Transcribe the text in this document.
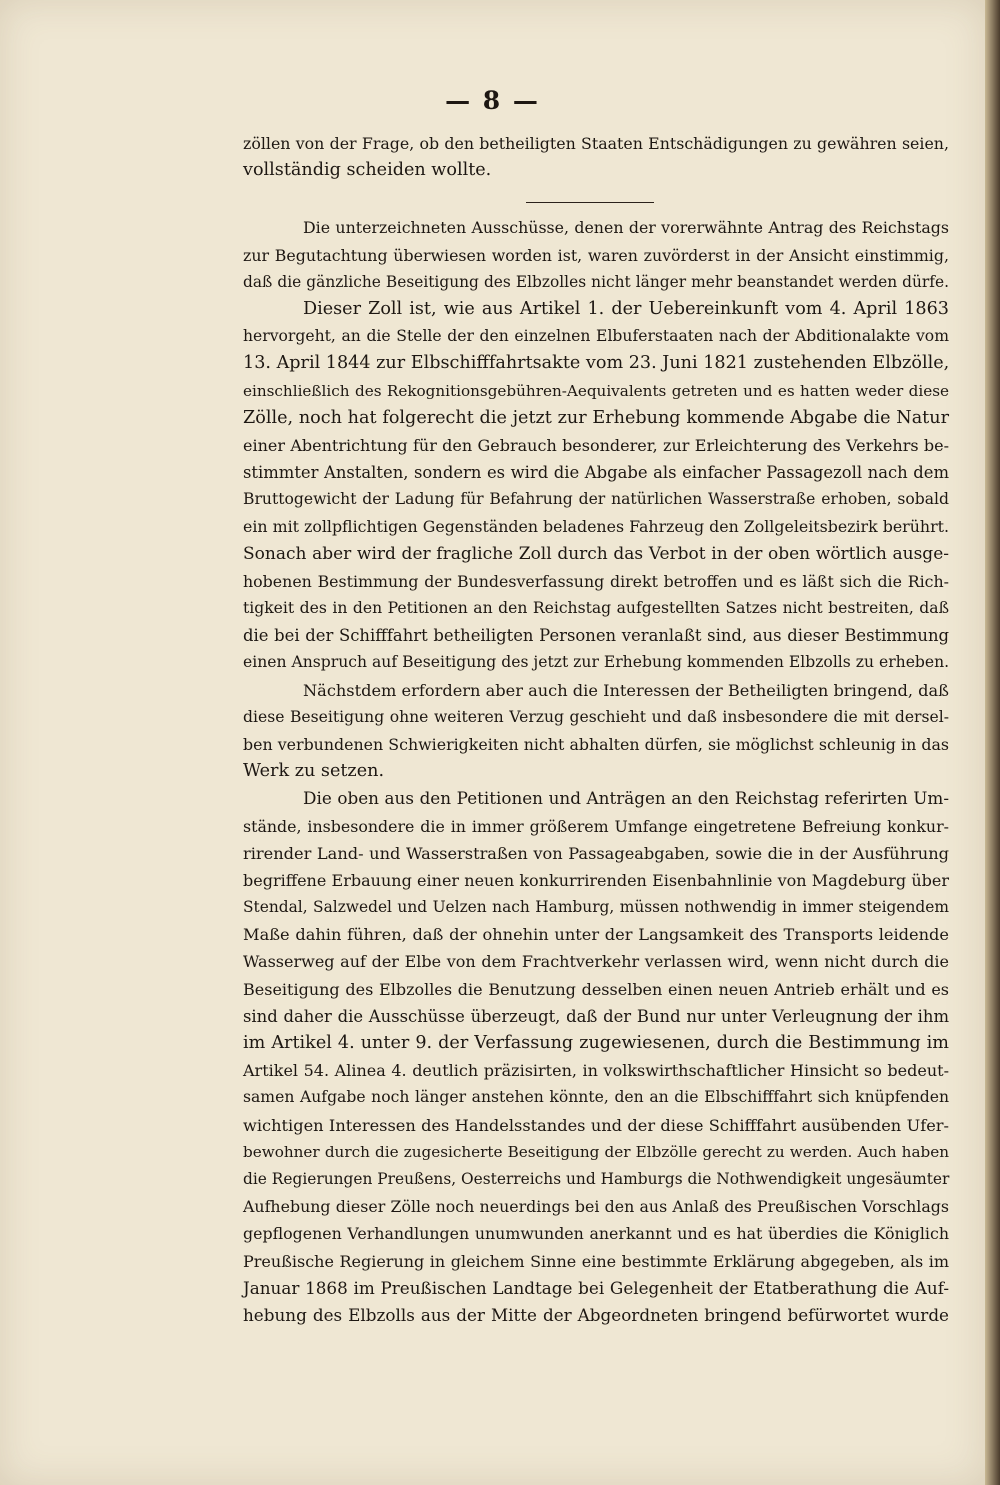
— 8 —
zöllen von der Frage, ob den betheiligten Staaten Entschädigungen zu gewähren seien,
vollständig scheiden wollte.
Die unterzeichneten Ausschüsse, denen der vorerwähnte Antrag des Reichstags
zur Begutachtung überwiesen worden ist, waren zuvörderst in der Ansicht einstimmig,
daß die gänzliche Beseitigung des Elbzolles nicht länger mehr beanstandet werden dürfe.
Dieser Zoll ist, wie aus Artikel 1. der Uebereinkunft vom 4. April 1863
hervorgeht, an die Stelle der den einzelnen Elbuferstaaten nach der Abditionalakte vom
13. April 1844 zur Elbschifffahrtsakte vom 23. Juni 1821 zustehenden Elbzölle,
einschließlich des Rekognitionsgebühren-Aequivalents getreten und es hatten weder diese
Zölle, noch hat folgerecht die jetzt zur Erhebung kommende Abgabe die Natur
einer Abentrichtung für den Gebrauch besonderer, zur Erleichterung des Verkehrs be-
stimmter Anstalten, sondern es wird die Abgabe als einfacher Passagezoll nach dem
Bruttogewicht der Ladung für Befahrung der natürlichen Wasserstraße erhoben, sobald
ein mit zollpflichtigen Gegenständen beladenes Fahrzeug den Zollgeleitsbezirk berührt.
Sonach aber wird der fragliche Zoll durch das Verbot in der oben wörtlich ausge-
hobenen Bestimmung der Bundesverfassung direkt betroffen und es läßt sich die Rich-
tigkeit des in den Petitionen an den Reichstag aufgestellten Satzes nicht bestreiten, daß
die bei der Schifffahrt betheiligten Personen veranlaßt sind, aus dieser Bestimmung
einen Anspruch auf Beseitigung des jetzt zur Erhebung kommenden Elbzolls zu erheben.
Nächstdem erfordern aber auch die Interessen der Betheiligten bringend, daß
diese Beseitigung ohne weiteren Verzug geschieht und daß insbesondere die mit dersel-
ben verbundenen Schwierigkeiten nicht abhalten dürfen, sie möglichst schleunig in das
Werk zu setzen.
Die oben aus den Petitionen und Anträgen an den Reichstag referirten Um-
stände, insbesondere die in immer größerem Umfange eingetretene Befreiung konkur-
rirender Land- und Wasserstraßen von Passageabgaben, sowie die in der Ausführung
begriffene Erbauung einer neuen konkurrirenden Eisenbahnlinie von Magdeburg über
Stendal, Salzwedel und Uelzen nach Hamburg, müssen nothwendig in immer steigendem
Maße dahin führen, daß der ohnehin unter der Langsamkeit des Transports leidende
Wasserweg auf der Elbe von dem Frachtverkehr verlassen wird, wenn nicht durch die
Beseitigung des Elbzolles die Benutzung desselben einen neuen Antrieb erhält und es
sind daher die Ausschüsse überzeugt, daß der Bund nur unter Verleugnung der ihm
im Artikel 4. unter 9. der Verfassung zugewiesenen, durch die Bestimmung im
Artikel 54. Alinea 4. deutlich präzisirten, in volkswirthschaftlicher Hinsicht so bedeut-
samen Aufgabe noch länger anstehen könnte, den an die Elbschifffahrt sich knüpfenden
wichtigen Interessen des Handelsstandes und der diese Schifffahrt ausübenden Ufer-
bewohner durch die zugesicherte Beseitigung der Elbzölle gerecht zu werden. Auch haben
die Regierungen Preußens, Oesterreichs und Hamburgs die Nothwendigkeit ungesäumter
Aufhebung dieser Zölle noch neuerdings bei den aus Anlaß des Preußischen Vorschlags
gepflogenen Verhandlungen unumwunden anerkannt und es hat überdies die Königlich
Preußische Regierung in gleichem Sinne eine bestimmte Erklärung abgegeben, als im
Januar 1868 im Preußischen Landtage bei Gelegenheit der Etatberathung die Auf-
hebung des Elbzolls aus der Mitte der Abgeordneten bringend befürwortet wurde
